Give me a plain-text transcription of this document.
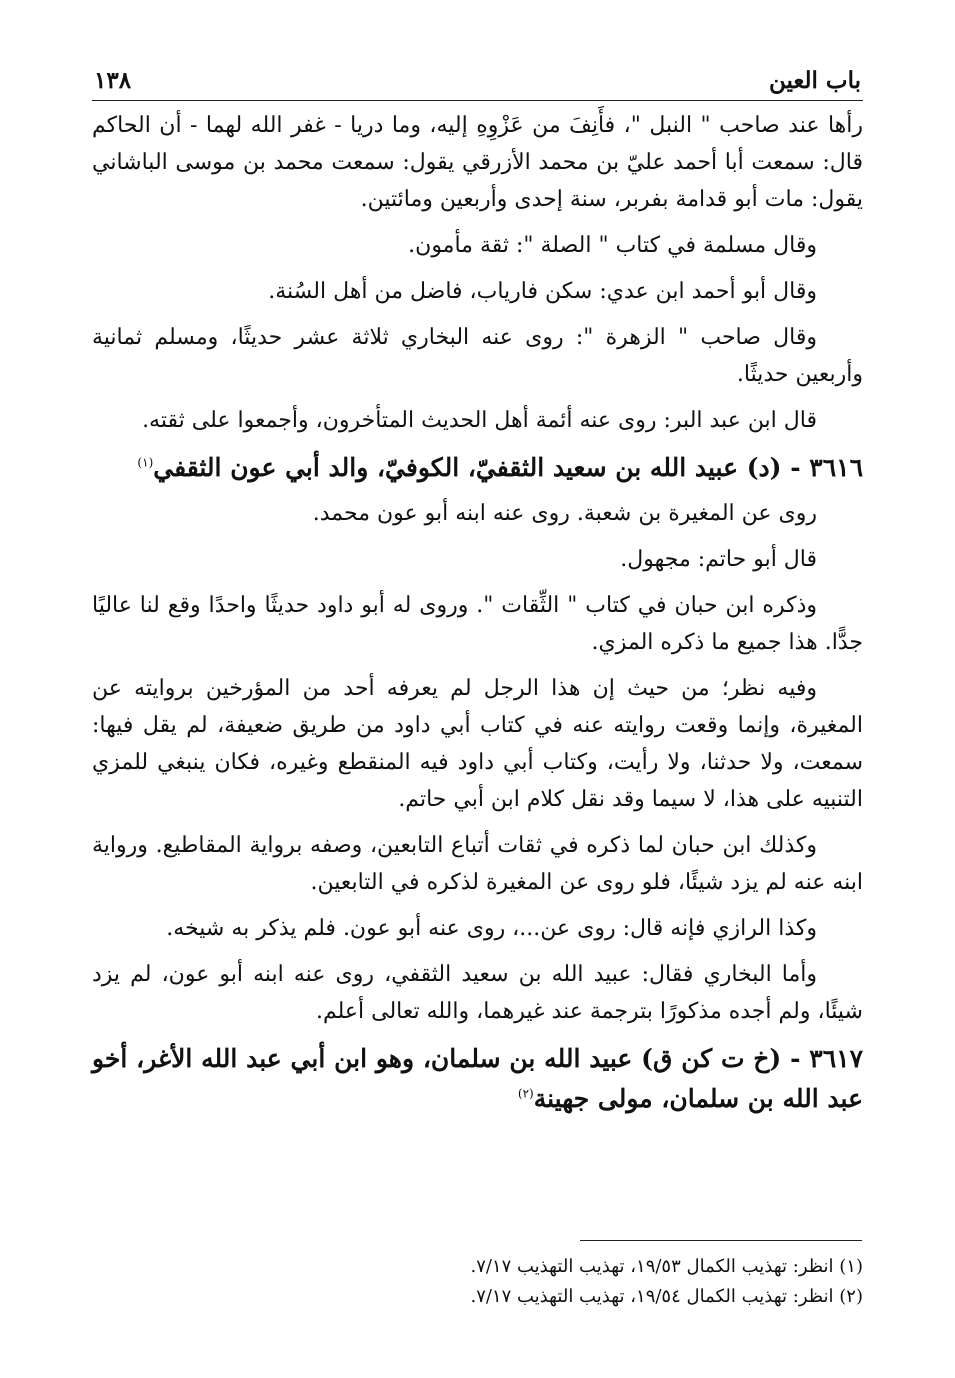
باب العين
١٣٨

رأها عند صاحب " النبل "، فأَنِفَ من عَزْوِهِ إليه، وما دريا - غفر الله لهما - أن الحاكم قال: سمعت أبا أحمد عليّ بن محمد الأزرقي يقول: سمعت محمد بن موسى الباشاني يقول: مات أبو قدامة بفربر، سنة إحدى وأربعين ومائتين.

وقال مسلمة في كتاب " الصلة ": ثقة مأمون.

وقال أبو أحمد ابن عدي: سكن فارياب، فاضل من أهل السُنة.

وقال صاحب " الزهرة ": روى عنه البخاري ثلاثة عشر حديثًا، ومسلم ثمانية وأربعين حديثًا.

قال ابن عبد البر: روى عنه أئمة أهل الحديث المتأخرون، وأجمعوا على ثقته.

٣٦١٦ - (د) عبيد الله بن سعيد الثقفيّ، الكوفيّ، والد أبي عون الثقفي$^{(١)}$

روى عن المغيرة بن شعبة. روى عنه ابنه أبو عون محمد.

قال أبو حاتم: مجهول.

وذكره ابن حبان في كتاب " الثِّقات ". وروى له أبو داود حديثًا واحدًا وقع لنا عاليًا جدًّا. هذا جميع ما ذكره المزي.

وفيه نظر؛ من حيث إن هذا الرجل لم يعرفه أحد من المؤرخين بروايته عن المغيرة، وإنما وقعت روايته عنه في كتاب أبي داود من طريق ضعيفة، لم يقل فيها: سمعت، ولا حدثنا، ولا رأيت، وكتاب أبي داود فيه المنقطع وغيره، فكان ينبغي للمزي التنبيه على هذا، لا سيما وقد نقل كلام ابن أبي حاتم.

وكذلك ابن حبان لما ذكره في ثقات أتباع التابعين، وصفه برواية المقاطيع. ورواية ابنه عنه لم يزد شيئًا، فلو روى عن المغيرة لذكره في التابعين.

وكذا الرازي فإنه قال: روى عن...، روى عنه أبو عون. فلم يذكر به شيخه.

وأما البخاري فقال: عبيد الله بن سعيد الثقفي، روى عنه ابنه أبو عون، لم يزد شيئًا، ولم أجده مذكورًا بترجمة عند غيرهما، والله تعالى أعلم.

٣٦١٧ - (خ ت كن ق) عبيد الله بن سلمان، وهو ابن أبي عبد الله الأغر، أخو عبد الله بن سلمان، مولى جهينة$^{(٢)}$

(١) انظر: تهذيب الكمال ١٩/٥٣، تهذيب التهذيب ٧/١٧.

(٢) انظر: تهذيب الكمال ١٩/٥٤، تهذيب التهذيب ٧/١٧.
